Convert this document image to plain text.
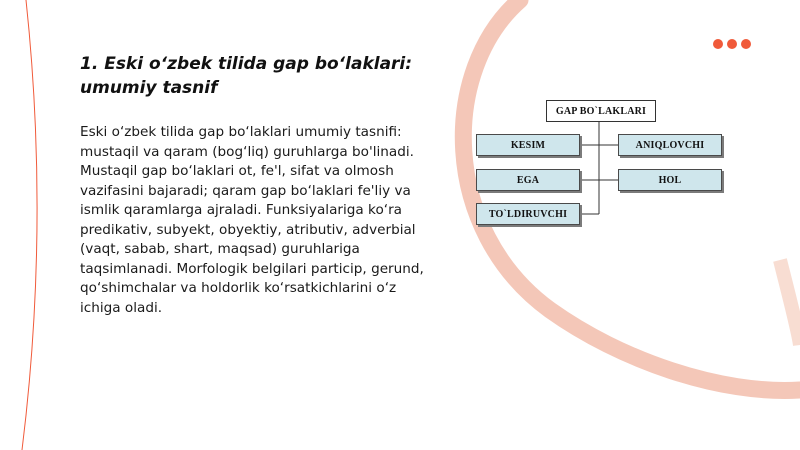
1. Eski o‘zbek tilida gap bo‘laklari: umumiy tasnif

Eski o‘zbek tilida gap bo‘laklari umumiy tasnifi: mustaqil va qaram (bog‘liq) guruhlarga bo'linadi. Mustaqil gap bo‘laklari ot, fe'l, sifat va olmosh vazifasini bajaradi; qaram gap bo‘laklari fe'liy va ismlik qaramlarga ajraladi. Funksiyalariga ko‘ra predikativ, subyekt, obyektiy, atributiv, adverbial (vaqt, sabab, shart, maqsad) guruhlariga taqsimlanadi. Morfologik belgilari particip, gerund, qo‘shimchalar va holdorlik ko‘rsatkichlarini o‘z ichiga oladi.

GAP BO`LAKLARI
KESIM	ANIQLOVCHI
EGA	HOL
TO`LDIRUVCHI
